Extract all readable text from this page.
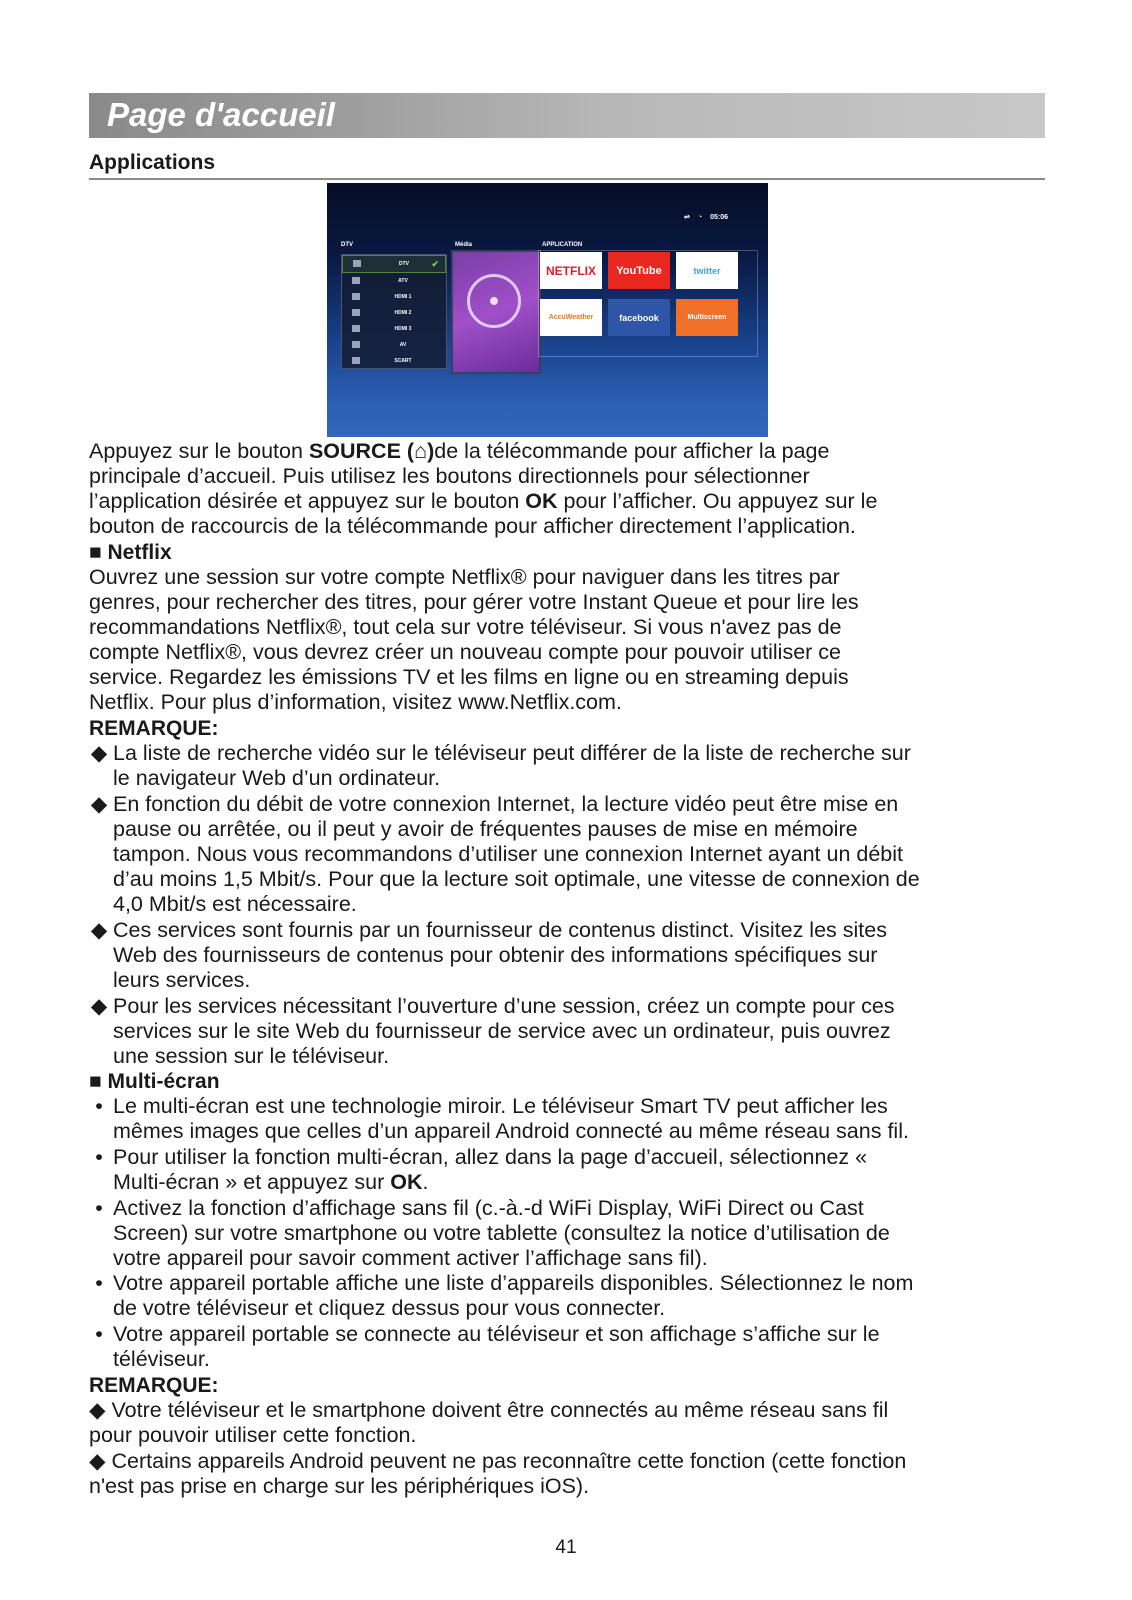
Page d'accueil
Applications
⇌ ◔ 05:06
DTV	Média	APPLICATION
DTV	✔
ATV
HDMI 1
HDMI 2
HDMI 3
AV
SCART
NETFLIX	YouTube	twitter
AccuWeather	facebook	Multiscreen
Appuyez sur le bouton SOURCE (⌂)de la télécommande pour afficher la page
principale d’accueil. Puis utilisez les boutons directionnels pour sélectionner
l’application désirée et appuyez sur le bouton OK pour l’afficher. Ou appuyez sur le
bouton de raccourcis de la télécommande pour afficher directement l’application.
■ Netflix
Ouvrez une session sur votre compte Netflix® pour naviguer dans les titres par
genres, pour rechercher des titres, pour gérer votre Instant Queue et pour lire les
recommandations Netflix®, tout cela sur votre téléviseur. Si vous n'avez pas de
compte Netflix®, vous devrez créer un nouveau compte pour pouvoir utiliser ce
service. Regardez les émissions TV et les films en ligne ou en streaming depuis
Netflix. Pour plus d’information, visitez www.Netflix.com.
REMARQUE:
◆ La liste de recherche vidéo sur le téléviseur peut différer de la liste de recherche sur
le navigateur Web d’un ordinateur.
◆ En fonction du débit de votre connexion Internet, la lecture vidéo peut être mise en
pause ou arrêtée, ou il peut y avoir de fréquentes pauses de mise en mémoire
tampon. Nous vous recommandons d’utiliser une connexion Internet ayant un débit
d’au moins 1,5 Mbit/s. Pour que la lecture soit optimale, une vitesse de connexion de
4,0 Mbit/s est nécessaire.
◆ Ces services sont fournis par un fournisseur de contenus distinct. Visitez les sites
Web des fournisseurs de contenus pour obtenir des informations spécifiques sur
leurs services.
◆ Pour les services nécessitant l’ouverture d’une session, créez un compte pour ces
services sur le site Web du fournisseur de service avec un ordinateur, puis ouvrez
une session sur le téléviseur.
■ Multi-écran
• Le multi-écran est une technologie miroir. Le téléviseur Smart TV peut afficher les
mêmes images que celles d’un appareil Android connecté au même réseau sans fil.
• Pour utiliser la fonction multi-écran, allez dans la page d’accueil, sélectionnez «
Multi-écran » et appuyez sur OK.
• Activez la fonction d’affichage sans fil (c.-à.-d WiFi Display, WiFi Direct ou Cast
Screen) sur votre smartphone ou votre tablette (consultez la notice d’utilisation de
votre appareil pour savoir comment activer l’affichage sans fil).
• Votre appareil portable affiche une liste d’appareils disponibles. Sélectionnez le nom
de votre téléviseur et cliquez dessus pour vous connecter.
• Votre appareil portable se connecte au téléviseur et son affichage s’affiche sur le
téléviseur.
REMARQUE:
◆ Votre téléviseur et le smartphone doivent être connectés au même réseau sans fil
pour pouvoir utiliser cette fonction.
◆ Certains appareils Android peuvent ne pas reconnaître cette fonction (cette fonction
n'est pas prise en charge sur les périphériques iOS).
41
